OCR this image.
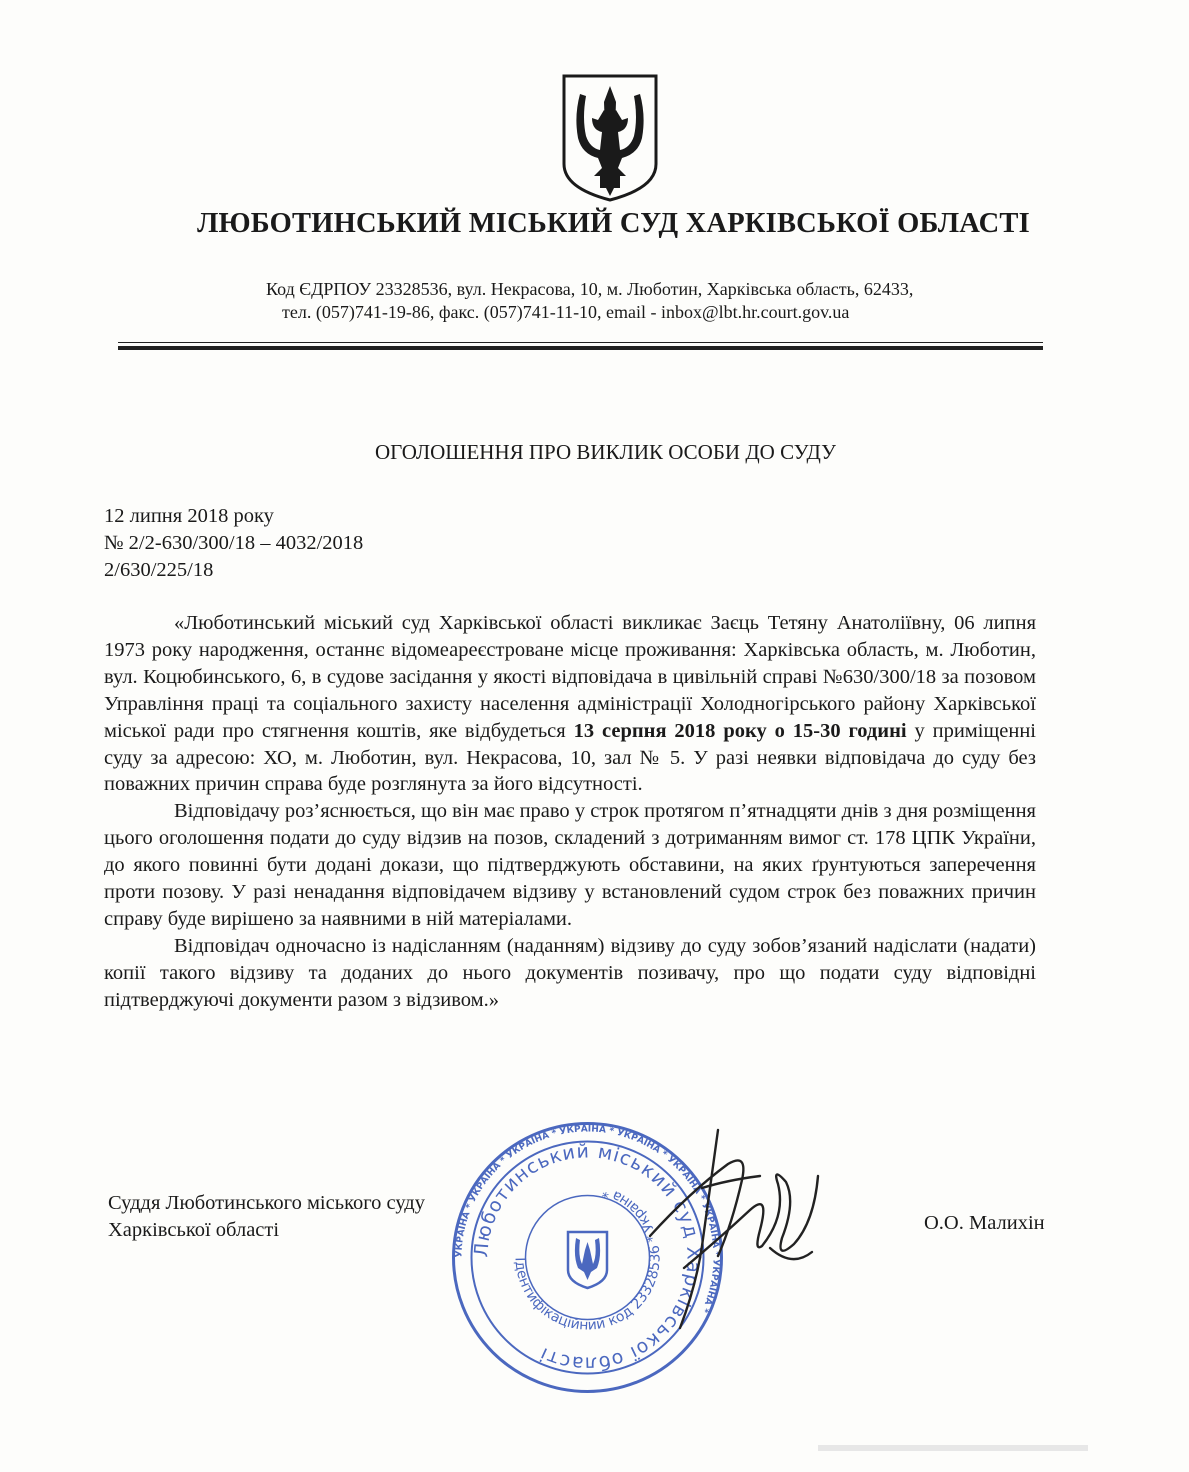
ЛЮБОТИНСЬКИЙ МІСЬКИЙ СУД ХАРКІВСЬКОЇ ОБЛАСТІ
Код ЄДРПОУ 23328536, вул. Некрасова, 10, м. Люботин, Харківська область, 62433,
тел. (057)741-19-86, факс. (057)741-11-10, email - inbox@lbt.hr.court.gov.ua
ОГОЛОШЕННЯ ПРО ВИКЛИК ОСОБИ ДО СУДУ
12 липня 2018 року
№ 2/2-630/300/18 – 4032/2018
2/630/225/18

«Люботинський міський суд Харківської області викликає Заєць Тетяну Анатоліївну, 06 липня 1973 року народження, останнє відомеареєстроване місце проживання: Харківська область, м. Люботин, вул. Коцюбинського, 6, в судове засідання у якості відповідача в цивільній справі №630/300/18 за позовом Управління праці та соціального захисту населення адміністрації Холодногірського району Харківської міської ради про стягнення коштів, яке відбудеться 13 серпня 2018 року о 15-30 годині у приміщенні суду за адресою: ХО, м. Люботин, вул. Некрасова, 10, зал № 5. У разі неявки відповідача до суду без поважних причин справа буде розглянута за його відсутності.

Відповідачу роз’яснюється, що він має право у строк протягом п’ятнадцяти днів з дня розміщення цього оголошення подати до суду відзив на позов, складений з дотриманням вимог ст. 178 ЦПК України, до якого повинні бути додані докази, що підтверджують обставини, на яких ґрунтуються заперечення проти позову. У разі ненадання відповідачем відзиву у встановлений судом строк без поважних причин справу буде вирішено за наявними в ній матеріалами.

Відповідач одночасно із надісланням (наданням) відзиву до суду зобов’язаний надіслати (надати) копії такого відзиву та доданих до нього документів позивачу, про що подати суду відповідні підтверджуючі документи разом з відзивом.»

Суддя Люботинського міського суду
Харківської області	О.О. Малихін
УКРАЇНА * УКРАЇНА * УКРАЇНА * УКРАЇНА * УКРАЇНА * УКРАЇНА * УКРАЇНА * УКРАЇНА *
Люботинський міський суд Харківської області
Ідентифікаційний код 23328536 * Україна *
